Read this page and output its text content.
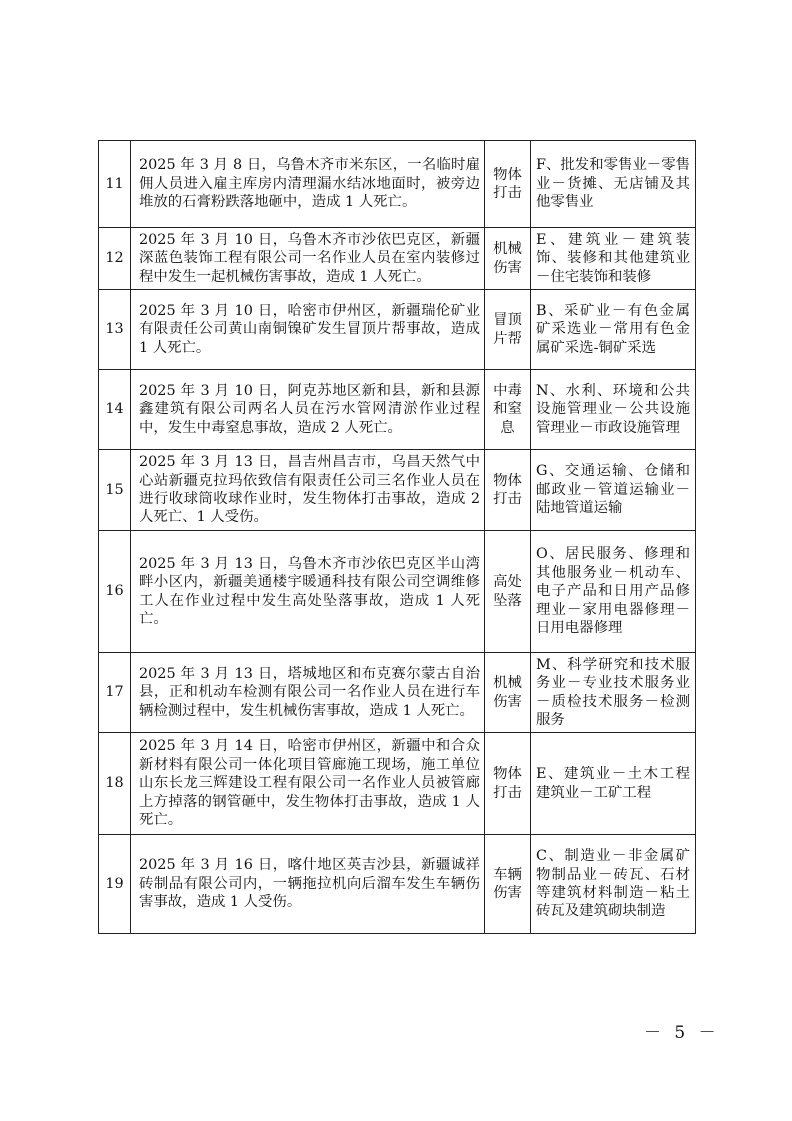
11	2025 年 3 月 8 日，乌鲁木齐市米东区，一名临时雇佣人员进入雇主库房内清理漏水结冰地面时，被旁边堆放的石膏粉跌落地砸中，造成 1 人死亡。	物体打击	F、批发和零售业－零售业－货摊、无店铺及其他零售业
12	2025 年 3 月 10 日，乌鲁木齐市沙依巴克区，新疆深蓝色装饰工程有限公司一名作业人员在室内装修过程中发生一起机械伤害事故，造成 1 人死亡。	机械伤害	E、建筑业－建筑装饰、装修和其他建筑业－住宅装饰和装修
13	2025 年 3 月 10 日，哈密市伊州区，新疆瑞伦矿业有限责任公司黄山南铜镍矿发生冒顶片帮事故，造成 1 人死亡。	冒顶片帮	B、采矿业－有色金属矿采选业－常用有色金属矿采选-铜矿采选
14	2025 年 3 月 10 日，阿克苏地区新和县，新和县源鑫建筑有限公司两名人员在污水管网清淤作业过程中，发生中毒窒息事故，造成 2 人死亡。	中毒和窒息	N、水利、环境和公共设施管理业－公共设施管理业－市政设施管理
15	2025 年 3 月 13 日，昌吉州昌吉市，乌昌天然气中心站新疆克拉玛依致信有限责任公司三名作业人员在进行收球筒收球作业时，发生物体打击事故，造成 2 人死亡、1 人受伤。	物体打击	G、交通运输、仓储和邮政业－管道运输业－陆地管道运输
16	2025 年 3 月 13 日，乌鲁木齐市沙依巴克区半山湾畔小区内，新疆美通楼宇暖通科技有限公司空调维修工人在作业过程中发生高处坠落事故，造成 1 人死亡。	高处坠落	O、居民服务、修理和其他服务业－机动车、电子产品和日用产品修理业－家用电器修理－日用电器修理
17	2025 年 3 月 13 日，塔城地区和布克赛尔蒙古自治县，正和机动车检测有限公司一名作业人员在进行车辆检测过程中，发生机械伤害事故，造成 1 人死亡。	机械伤害	M、科学研究和技术服务业－专业技术服务业－质检技术服务－检测服务
18	2025 年 3 月 14 日，哈密市伊州区，新疆中和合众新材料有限公司一体化项目管廊施工现场，施工单位山东长龙三辉建设工程有限公司一名作业人员被管廊上方掉落的钢管砸中，发生物体打击事故，造成 1 人死亡。	物体打击	E、建筑业－土木工程建筑业－工矿工程
19	2025 年 3 月 16 日，喀什地区英吉沙县，新疆诚祥砖制品有限公司内，一辆拖拉机向后溜车发生车辆伤害事故，造成 1 人受伤。	车辆伤害	C、制造业－非金属矿物制品业－砖瓦、石材等建筑材料制造－粘土砖瓦及建筑砌块制造
－ 5 －
